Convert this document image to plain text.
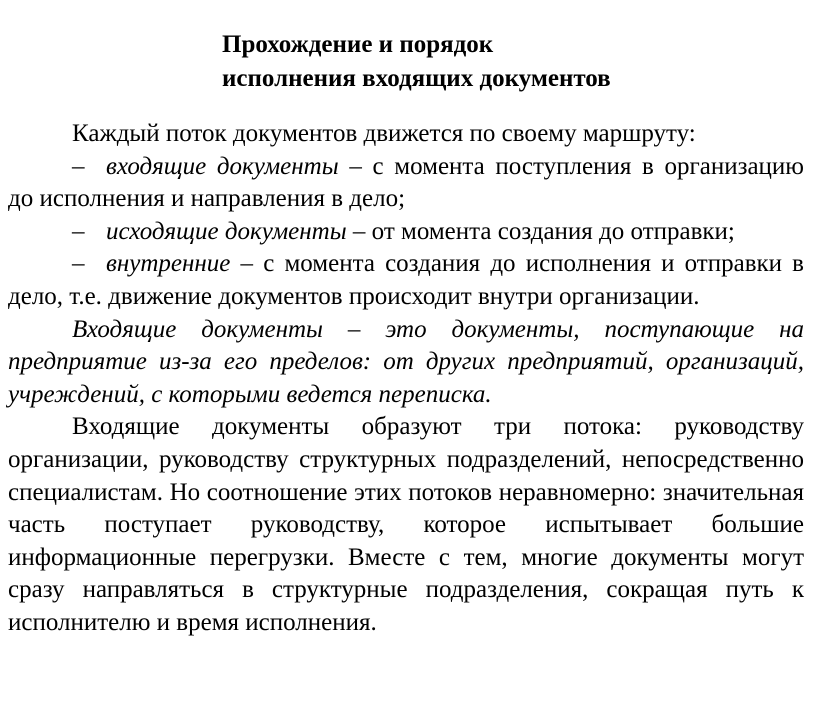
Прохождение и порядок
исполнения входящих документов

Каждый поток документов движется по своему маршруту:

– входящие документы – с момента поступления в организацию до исполнения и направления в дело;

– исходящие документы – от момента создания до отправки;

– внутренние – с момента создания до исполнения и отправки в дело, т.е. движение документов происходит внутри организации.

Входящие документы – это документы, поступающие на предприятие из-за его пределов: от других предприятий, организаций, учреждений, с которыми ведется переписка.

Входящие документы образуют три потока: руководству организации, руководству структурных подразделений, непосредственно специалистам. Но соотношение этих потоков неравномерно: значительная часть поступает руководству, которое испытывает большие информационные перегрузки. Вместе с тем, многие документы могут сразу направляться в структурные подразделения, сокращая путь к исполнителю и время исполнения.
